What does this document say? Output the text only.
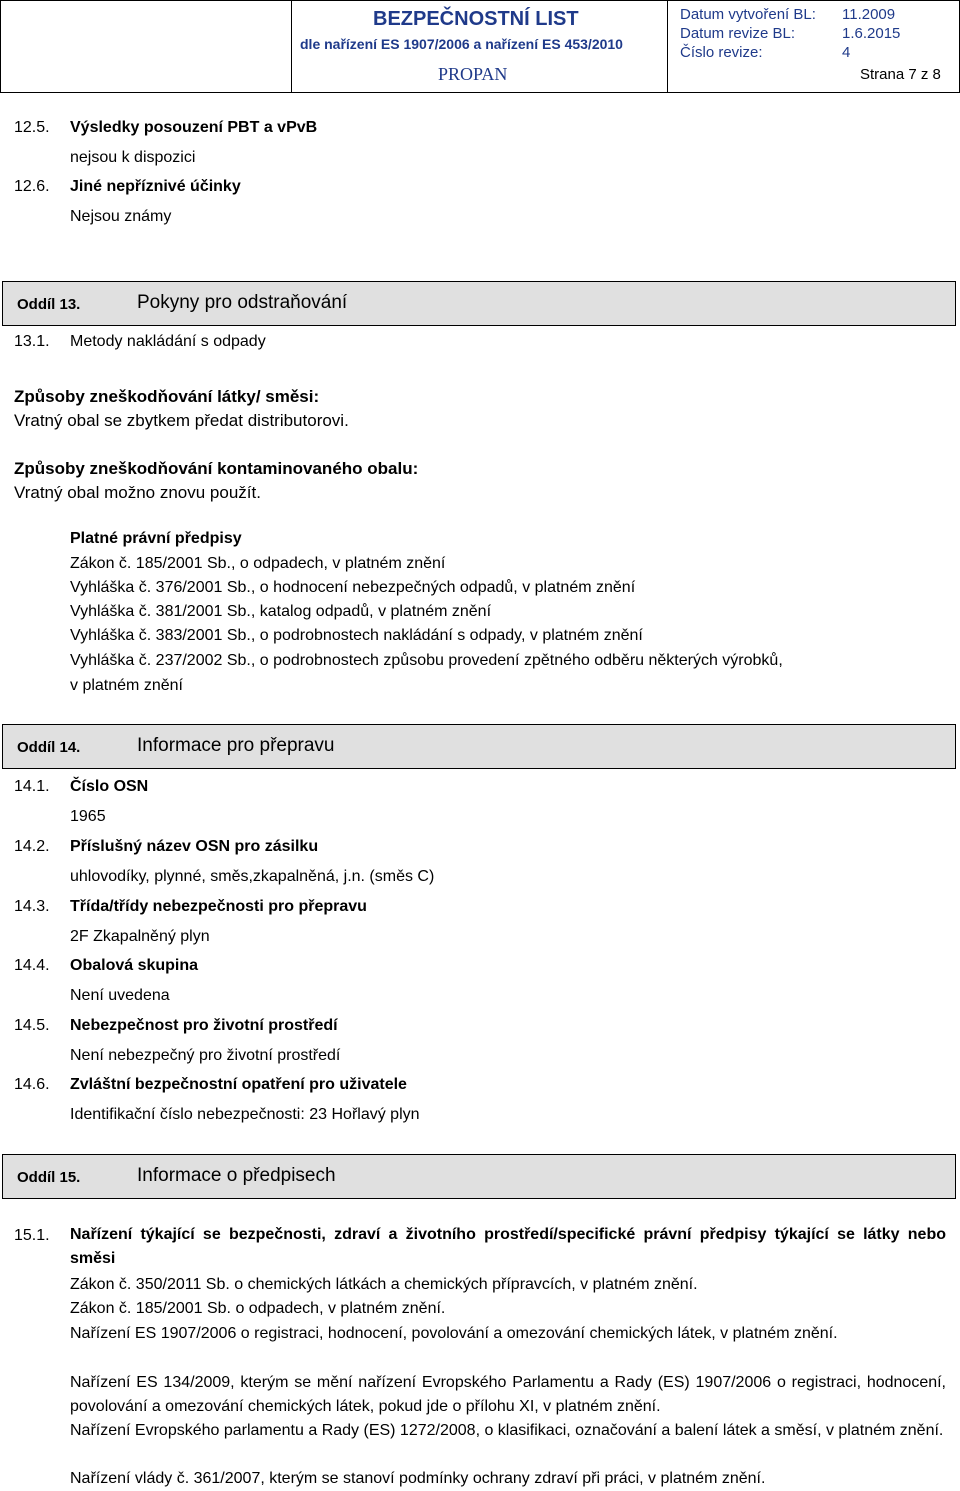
BEZPEČNOSTNÍ LIST
dle nařízení ES 1907/2006 a nařízení ES 453/2010
PROPAN
Datum vytvoření BL: 11.2009
Datum revize BL:	1.6.2015
Číslo revize:	4
Strana 7 z 8
12.5. Výsledky posouzení PBT a vPvB
nejsou k dispozici
12.6. Jiné nepříznivé účinky
Nejsou známy
Oddíl 13.	Pokyny pro odstraňování
13.1. Metody nakládání s odpady
Způsoby zneškodňování látky/ směsi:
Vratný obal se zbytkem předat distributorovi.
Způsoby zneškodňování kontaminovaného obalu:
Vratný obal možno znovu použít.
Platné právní předpisy
Zákon č. 185/2001 Sb., o odpadech, v platném znění
Vyhláška č. 376/2001 Sb., o hodnocení nebezpečných odpadů, v platném znění
Vyhláška č. 381/2001 Sb., katalog odpadů, v platném znění
Vyhláška č. 383/2001 Sb., o podrobnostech nakládání s odpady, v platném znění
Vyhláška č. 237/2002 Sb., o podrobnostech způsobu provedení zpětného odběru některých výrobků,
v platném znění
Oddíl 14.	Informace pro přepravu
14.1. Číslo OSN
1965
14.2. Příslušný název OSN pro zásilku
uhlovodíky, plynné, směs,zkapalněná, j.n. (směs C)
14.3. Třída/třídy nebezpečnosti pro přepravu
2F Zkapalněný plyn
14.4. Obalová skupina
Není uvedena
14.5. Nebezpečnost pro životní prostředí
Není nebezpečný pro životní prostředí
14.6. Zvláštní bezpečnostní opatření pro uživatele
Identifikační číslo nebezpečnosti: 23 Hořlavý plyn
Oddíl 15.	Informace o předpisech
15.1. Nařízení týkající se bezpečnosti, zdraví a životního prostředí/specifické právní předpisy týkající se látky nebo směsi
Zákon č. 350/2011 Sb. o chemických látkách a chemických přípravcích, v platném znění.
Zákon č. 185/2001 Sb. o odpadech, v platném znění.
Nařízení ES 1907/2006 o registraci, hodnocení, povolování a omezování chemických látek, v platném znění.
Nařízení ES 134/2009, kterým se mění nařízení Evropského Parlamentu a Rady (ES) 1907/2006 o registraci, hodnocení, povolování a omezování chemických látek, pokud jde o přílohu XI, v platném znění.
Nařízení Evropského parlamentu a Rady (ES) 1272/2008, o klasifikaci, označování a balení látek a směsí, v platném znění.
Nařízení vlády č. 361/2007, kterým se stanoví podmínky ochrany zdraví při práci, v platném znění.
